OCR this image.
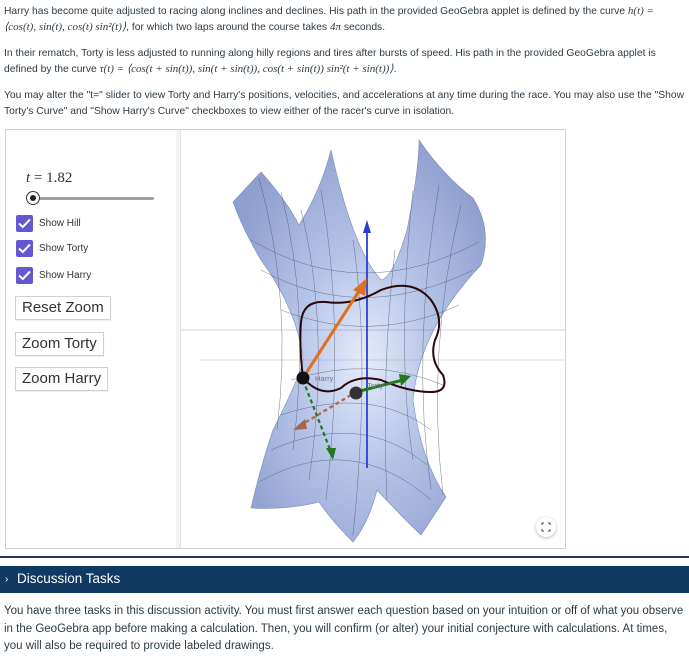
Harry has become quite adjusted to racing along inclines and declines. His path in the provided GeoGebra applet is defined by the curve h(t) = ⟨cos(t), sin(t), cos(t) sin²(t)⟩, for which two laps around the course takes 4π seconds.
In their rematch, Torty is less adjusted to running along hilly regions and tires after bursts of speed. His path in the provided GeoGebra applet is defined by the curve τ(t) = ⟨cos(t + sin(t)), sin(t + sin(t)), cos(t + sin(t)) sin²(t + sin(t))⟩.
You may alter the "t=" slider to view Torty and Harry's positions, velocities, and accelerations at any time during the race. You may also use the "Show Torty's Curve" and "Show Harry's Curve" checkboxes to view either of the racer's curve in isolation.
t = 1.82
Show Hill
Show Torty
Show Harry
Reset Zoom
Zoom Torty
Zoom Harry	Harry
Torty
› Discussion Tasks
You have three tasks in this discussion activity. You must first answer each question based on your intuition or off of what you observe in the GeoGebra app before making a calculation. Then, you will confirm (or alter) your initial conjecture with calculations. At times, you will also be required to provide labeled drawings.
